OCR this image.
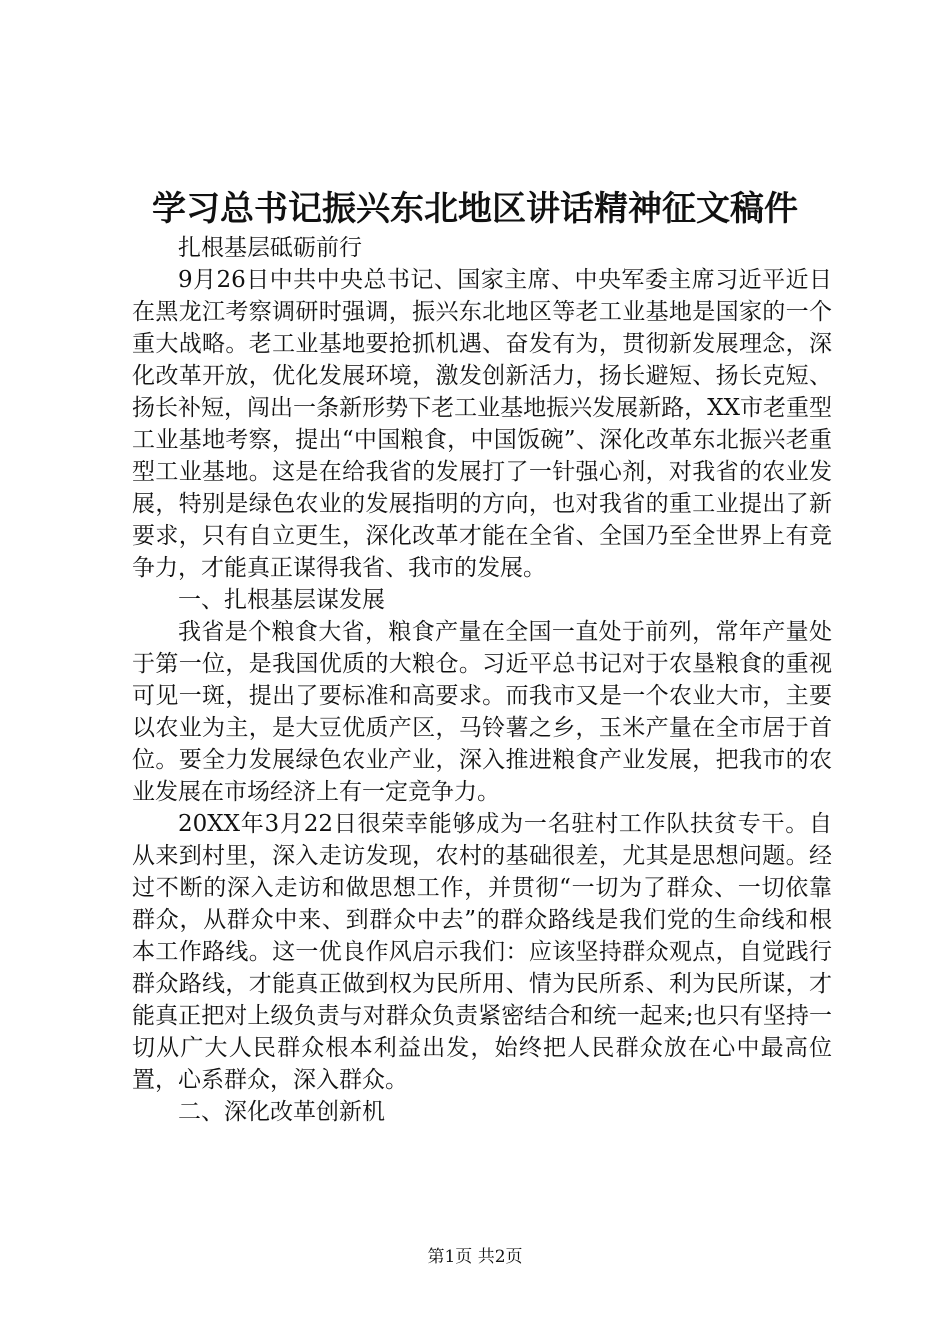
学习总书记振兴东北地区讲话精神征文稿件

扎根基层砥砺前行

9月26日中共中央总书记、国家主席、中央军委主席习近平近日在黑龙江考察调研时强调，振兴东北地区等老工业基地是国家的一个重大战略。老工业基地要抢抓机遇、奋发有为，贯彻新发展理念，深化改革开放，优化发展环境，激发创新活力，扬长避短、扬长克短、扬长补短，闯出一条新形势下老工业基地振兴发展新路，XX市老重型工业基地考察，提出“中国粮食，中国饭碗”、深化改革东北振兴老重型工业基地。这是在给我省的发展打了一针强心剂，对我省的农业发展，特别是绿色农业的发展指明的方向，也对我省的重工业提出了新要求，只有自立更生，深化改革才能在全省、全国乃至全世界上有竞争力，才能真正谋得我省、我市的发展。

一、扎根基层谋发展

我省是个粮食大省，粮食产量在全国一直处于前列，常年产量处于第一位，是我国优质的大粮仓。习近平总书记对于农垦粮食的重视可见一斑，提出了要标准和高要求。而我市又是一个农业大市，主要以农业为主，是大豆优质产区，马铃薯之乡，玉米产量在全市居于首位。要全力发展绿色农业产业，深入推进粮食产业发展，把我市的农业发展在市场经济上有一定竞争力。

20XX年3月22日很荣幸能够成为一名驻村工作队扶贫专干。自从来到村里，深入走访发现，农村的基础很差，尤其是思想问题。经过不断的深入走访和做思想工作，并贯彻“一切为了群众、一切依靠群众，从群众中来、到群众中去”的群众路线是我们党的生命线和根本工作路线。这一优良作风启示我们：应该坚持群众观点，自觉践行群众路线，才能真正做到权为民所用、情为民所系、利为民所谋，才能真正把对上级负责与对群众负责紧密结合和统一起来;也只有坚持一切从广大人民群众根本利益出发，始终把人民群众放在心中最高位置，心系群众，深入群众。

二、深化改革创新机

第1页 共2页
